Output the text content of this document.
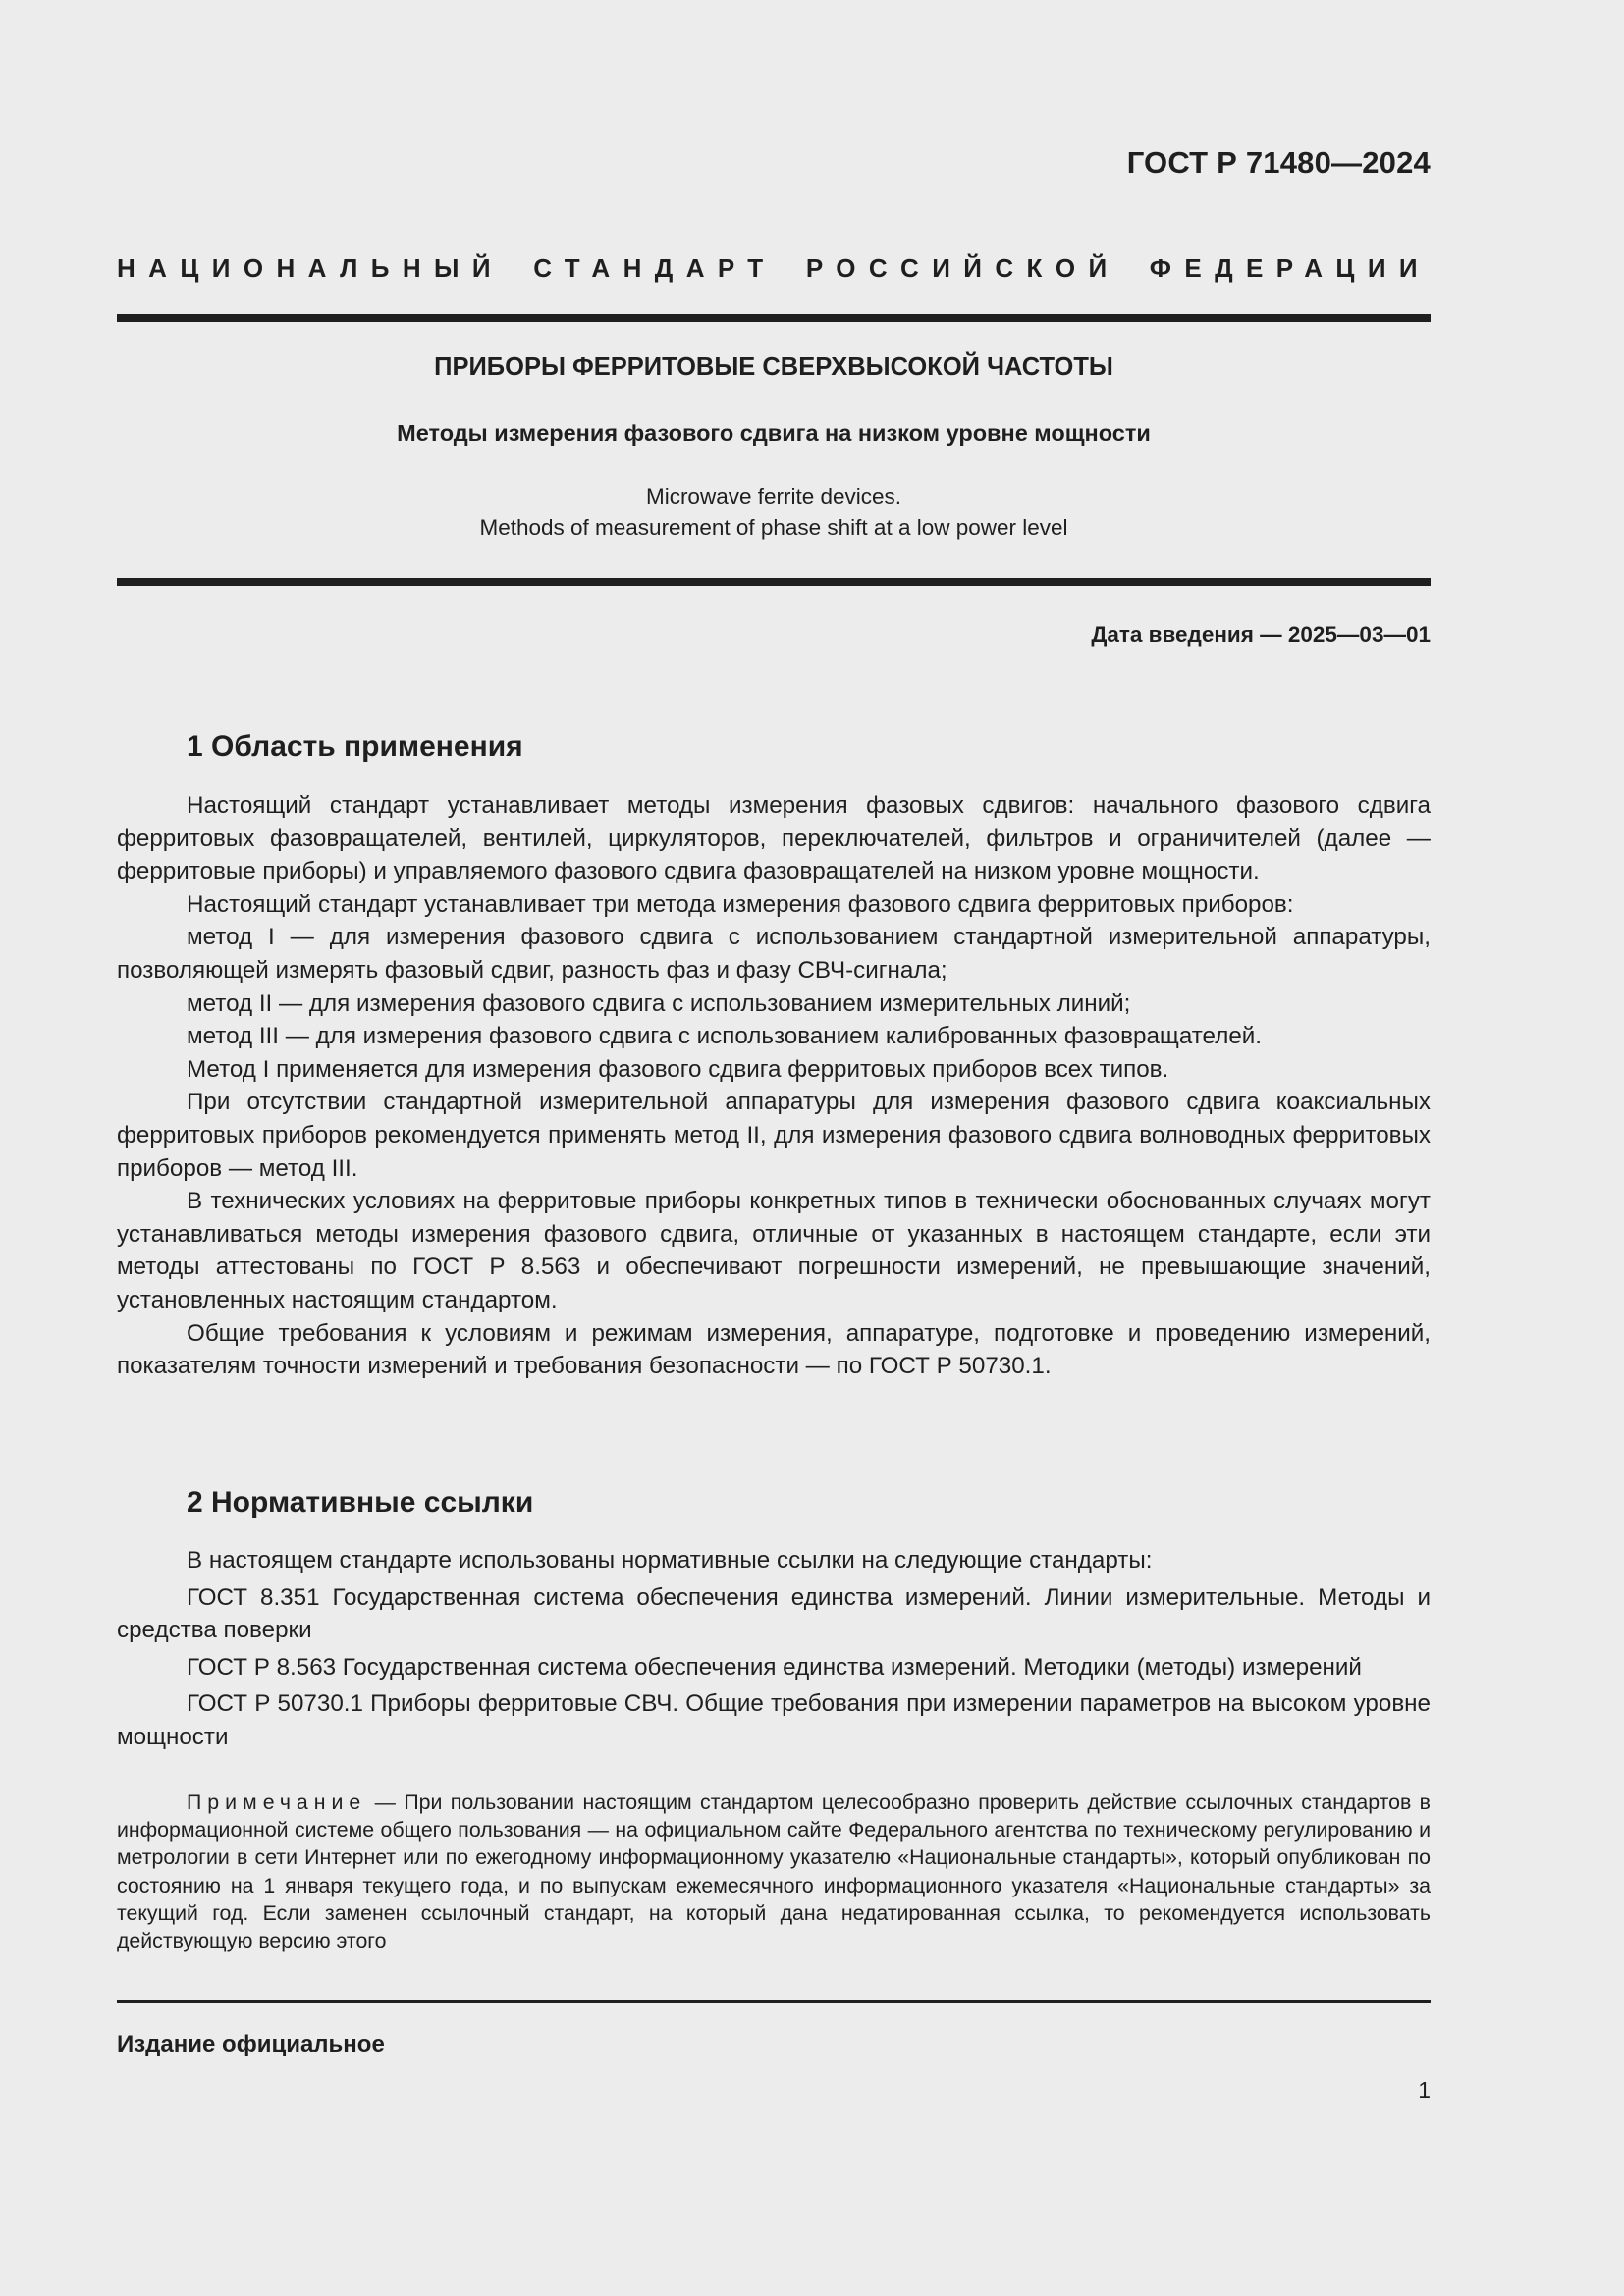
ГОСТ Р 71480—2024
НАЦИОНАЛЬНЫЙ СТАНДАРТ РОССИЙСКОЙ ФЕДЕРАЦИИ
ПРИБОРЫ ФЕРРИТОВЫЕ СВЕРХВЫСОКОЙ ЧАСТОТЫ
Методы измерения фазового сдвига на низком уровне мощности
Microwave ferrite devices.
Methods of measurement of phase shift at a low power level
Дата введения — 2025—03—01
1 Область применения

Настоящий стандарт устанавливает методы измерения фазовых сдвигов: начального фазового сдвига ферритовых фазовращателей, вентилей, циркуляторов, переключателей, фильтров и ограничителей (далее — ферритовые приборы) и управляемого фазового сдвига фазовращателей на низком уровне мощности.

Настоящий стандарт устанавливает три метода измерения фазового сдвига ферритовых приборов:

метод I — для измерения фазового сдвига с использованием стандартной измерительной аппаратуры, позволяющей измерять фазовый сдвиг, разность фаз и фазу СВЧ-сигнала;

метод II — для измерения фазового сдвига с использованием измерительных линий;

метод III — для измерения фазового сдвига с использованием калиброванных фазовращателей.

Метод I применяется для измерения фазового сдвига ферритовых приборов всех типов.

При отсутствии стандартной измерительной аппаратуры для измерения фазового сдвига коаксиальных ферритовых приборов рекомендуется применять метод II, для измерения фазового сдвига волноводных ферритовых приборов — метод III.

В технических условиях на ферритовые приборы конкретных типов в технически обоснованных случаях могут устанавливаться методы измерения фазового сдвига, отличные от указанных в настоящем стандарте, если эти методы аттестованы по ГОСТ Р 8.563 и обеспечивают погрешности измерений, не превышающие значений, установленных настоящим стандартом.

Общие требования к условиям и режимам измерения, аппаратуре, подготовке и проведению измерений, показателям точности измерений и требования безопасности — по ГОСТ Р 50730.1.

2 Нормативные ссылки

В настоящем стандарте использованы нормативные ссылки на следующие стандарты:

ГОСТ 8.351 Государственная система обеспечения единства измерений. Линии измерительные. Методы и средства поверки

ГОСТ Р 8.563 Государственная система обеспечения единства измерений. Методики (методы) измерений

ГОСТ Р 50730.1 Приборы ферритовые СВЧ. Общие требования при измерении параметров на высоком уровне мощности

Примечание — При пользовании настоящим стандартом целесообразно проверить действие ссылочных стандартов в информационной системе общего пользования — на официальном сайте Федерального агентства по техническому регулированию и метрологии в сети Интернет или по ежегодному информационному указателю «Национальные стандарты», который опубликован по состоянию на 1 января текущего года, и по выпускам ежемесячного информационного указателя «Национальные стандарты» за текущий год. Если заменен ссылочный стандарт, на который дана недатированная ссылка, то рекомендуется использовать действующую версию этого

Издание официальное
1
